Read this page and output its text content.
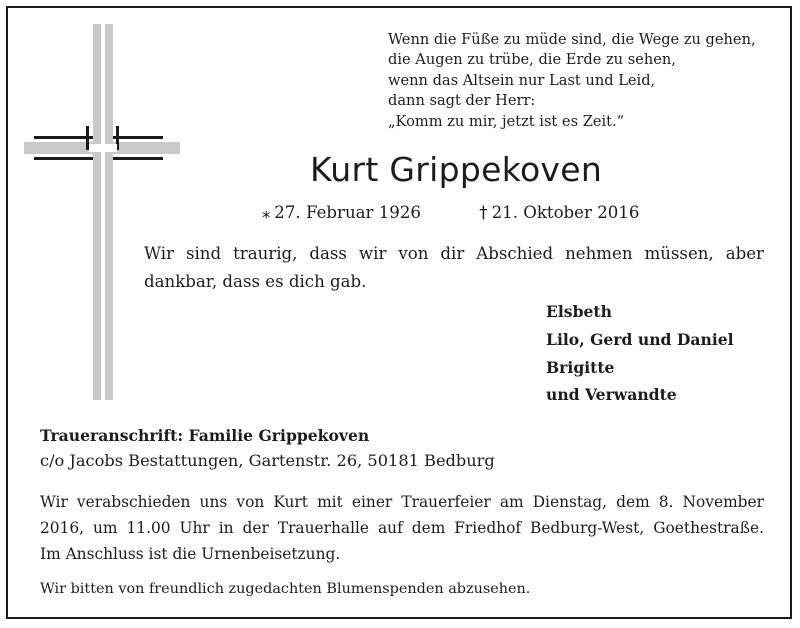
Wenn die Füße zu müde sind, die Wege zu gehen,
die Augen zu trübe, die Erde zu sehen,
wenn das Altsein nur Last und Leid,
dann sagt der Herr:
„Komm zu mir, jetzt ist es Zeit.“
Kurt Grippekoven
⁎ 27. Februar 1926	† 21. Oktober 2016
Wir sind traurig, dass wir von dir Abschied nehmen müssen, aber
dankbar, dass es dich gab.
Elsbeth
Lilo, Gerd und Daniel
Brigitte
und Verwandte
Traueranschrift: Familie Grippekoven
c/o Jacobs Bestattungen, Gartenstr. 26, 50181 Bedburg
Wir verabschieden uns von Kurt mit einer Trauerfeier am Dienstag, dem 8. November
2016, um 11.00 Uhr in der Trauerhalle auf dem Friedhof Bedburg-West, Goethestraße.
Im Anschluss ist die Urnenbeisetzung.
Wir bitten von freundlich zugedachten Blumenspenden abzusehen.
